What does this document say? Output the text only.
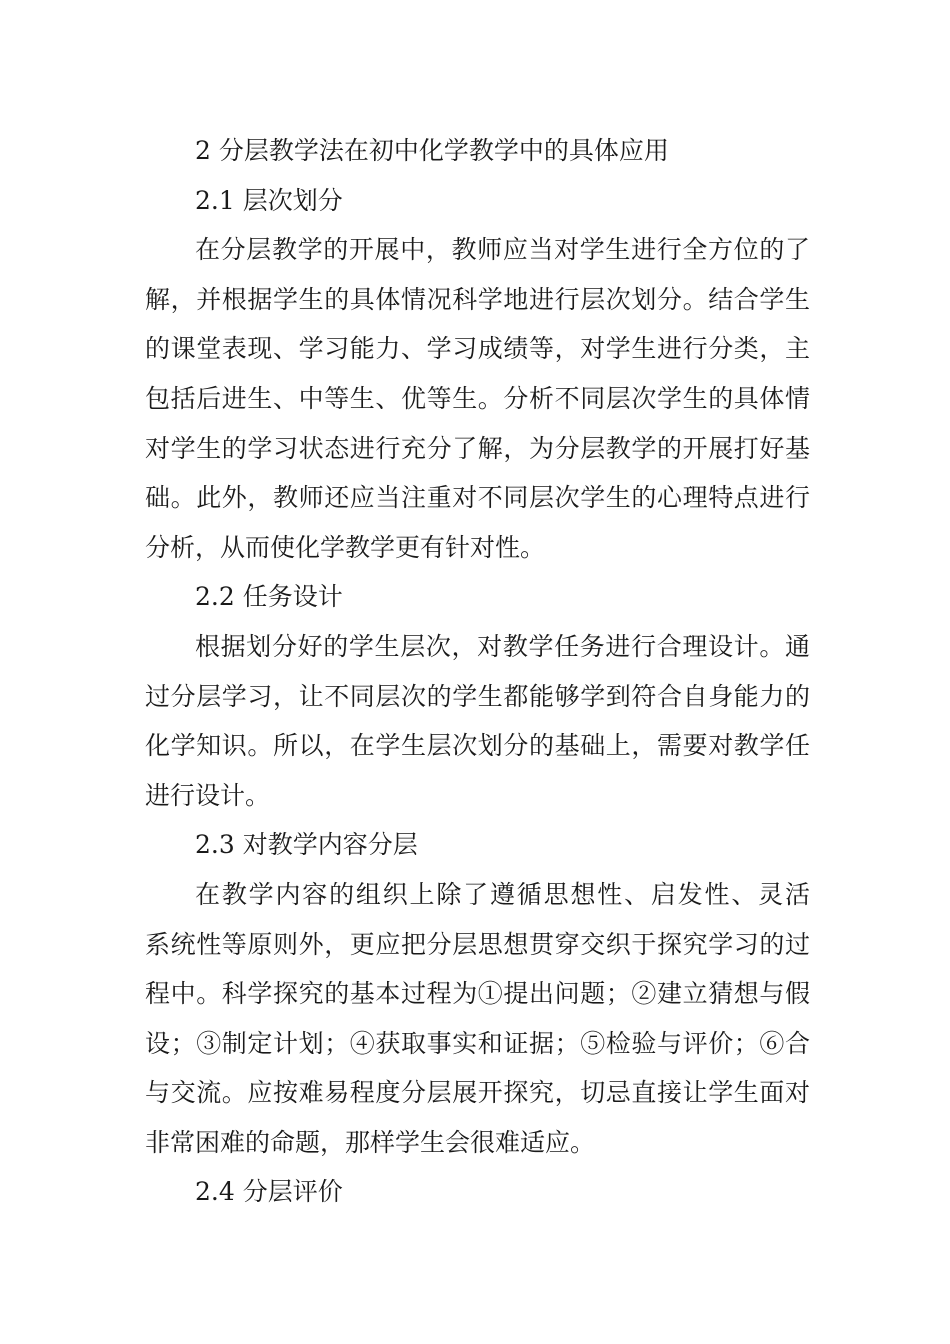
2 分层教学法在初中化学教学中的具体应用
2.1 层次划分
在分层教学的开展中，教师应当对学生进行全方位的了
解，并根据学生的具体情况科学地进行层次划分。结合学生
的课堂表现、学习能力、学习成绩等，对学生进行分类，主
包括后进生、中等生、优等生。分析不同层次学生的具体情
对学生的学习状态进行充分了解，为分层教学的开展打好基
础。此外，教师还应当注重对不同层次学生的心理特点进行
分析，从而使化学教学更有针对性。
2.2 任务设计
根据划分好的学生层次，对教学任务进行合理设计。通
过分层学习，让不同层次的学生都能够学到符合自身能力的
化学知识。所以，在学生层次划分的基础上，需要对教学任
进行设计。
2.3 对教学内容分层
在教学内容的组织上除了遵循思想性、启发性、灵活
系统性等原则外，更应把分层思想贯穿交织于探究学习的过
程中。科学探究的基本过程为①提出问题；②建立猜想与假
设；③制定计划；④获取事实和证据；⑤检验与评价；⑥合
与交流。应按难易程度分层展开探究，切忌直接让学生面对
非常困难的命题，那样学生会很难适应。
2.4 分层评价
